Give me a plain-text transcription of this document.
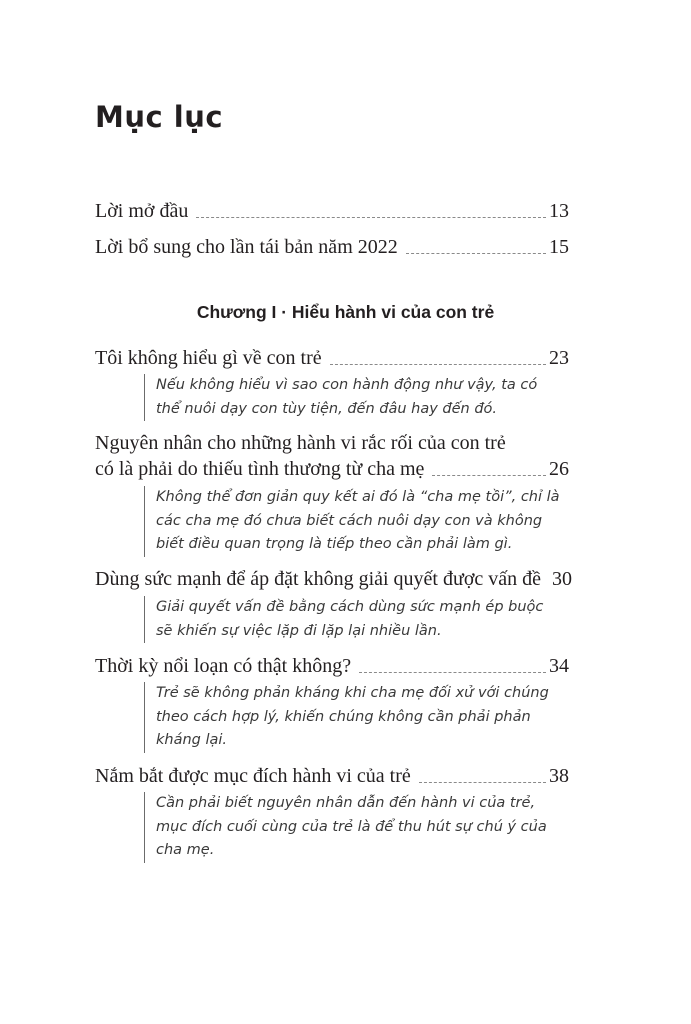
Mục lục
Lời mở đầu	13
Lời bổ sung cho lần tái bản năm 2022	15
Chương I · Hiểu hành vi của con trẻ
Tôi không hiểu gì về con trẻ	23
Nếu không hiểu vì sao con hành động như vậy, ta có
thể nuôi dạy con tùy tiện, đến đâu hay đến đó.
Nguyên nhân cho những hành vi rắc rối của con trẻ
có là phải do thiếu tình thương từ cha mẹ	26
Không thể đơn giản quy kết ai đó là “cha mẹ tồi”, chỉ là
các cha mẹ đó chưa biết cách nuôi dạy con và không
biết điều quan trọng là tiếp theo cần phải làm gì.
Dùng sức mạnh để áp đặt không giải quyết được vấn đề 30
Giải quyết vấn đề bằng cách dùng sức mạnh ép buộc
sẽ khiến sự việc lặp đi lặp lại nhiều lần.
Thời kỳ nổi loạn có thật không?	34
Trẻ sẽ không phản kháng khi cha mẹ đối xử với chúng
theo cách hợp lý, khiến chúng không cần phải phản
kháng lại.
Nắm bắt được mục đích hành vi của trẻ	38
Cần phải biết nguyên nhân dẫn đến hành vi của trẻ,
mục đích cuối cùng của trẻ là để thu hút sự chú ý của
cha mẹ.
